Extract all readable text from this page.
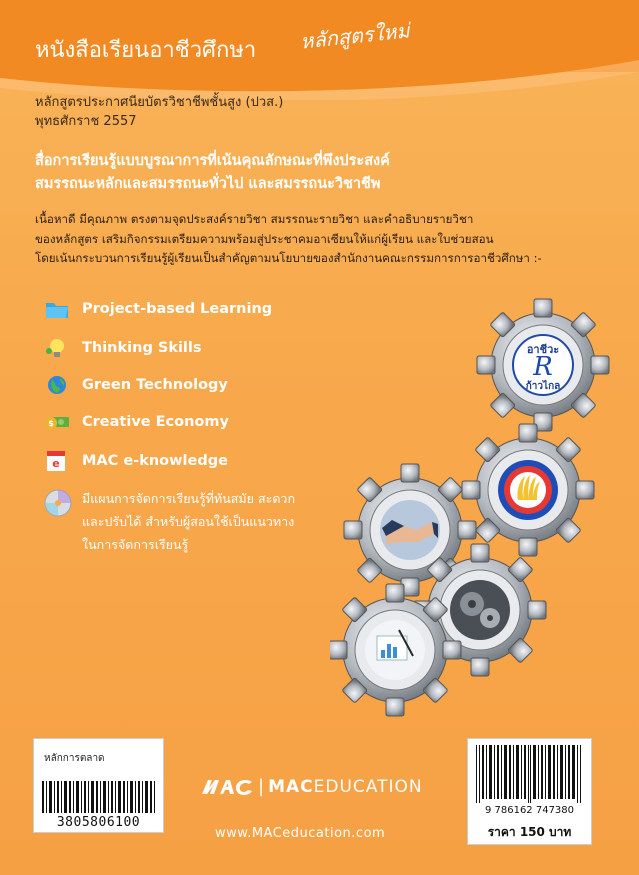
หนังสือเรียนอาชีวศึกษา หลักสูตรใหม่
หลักสูตรประกาศนียบัตรวิชาชีพชั้นสูง (ปวส.)
พุทธศักราช 2557
สื่อการเรียนรู้แบบบูรณาการที่เน้นคุณลักษณะที่พึงประสงค์
สมรรถนะหลักและสมรรถนะทั่วไป และสมรรถนะวิชาชีพ
เนื้อหาดี มีคุณภาพ ตรงตามจุดประสงค์รายวิชา สมรรถนะรายวิชา และคำอธิบายรายวิชา
ของหลักสูตร เสริมกิจกรรมเตรียมความพร้อมสู่ประชาคมอาเซียนให้แก่ผู้เรียน และใบช่วยสอน
โดยเน้นกระบวนการเรียนรู้ผู้เรียนเป็นสำคัญตามนโยบายของสำนักงานคณะกรรมการการอาชีวศึกษา :-
Project-based Learning
Thinking Skills
Green Technology
$ Creative Economy
e MAC e-knowledge
มีแผนการจัดการเรียนรู้ที่ทันสมัย สะดวก
และปรับได้ สำหรับผู้สอนใช้เป็นแนวทาง
ในการจัดการเรียนรู้
อาชีวะ
R
ก้าวไกล
หลักการตลาด
3805806100
9 786162 747380
ราคา 150 บาท
| MACEDUCATION
www.MACeducation.com
